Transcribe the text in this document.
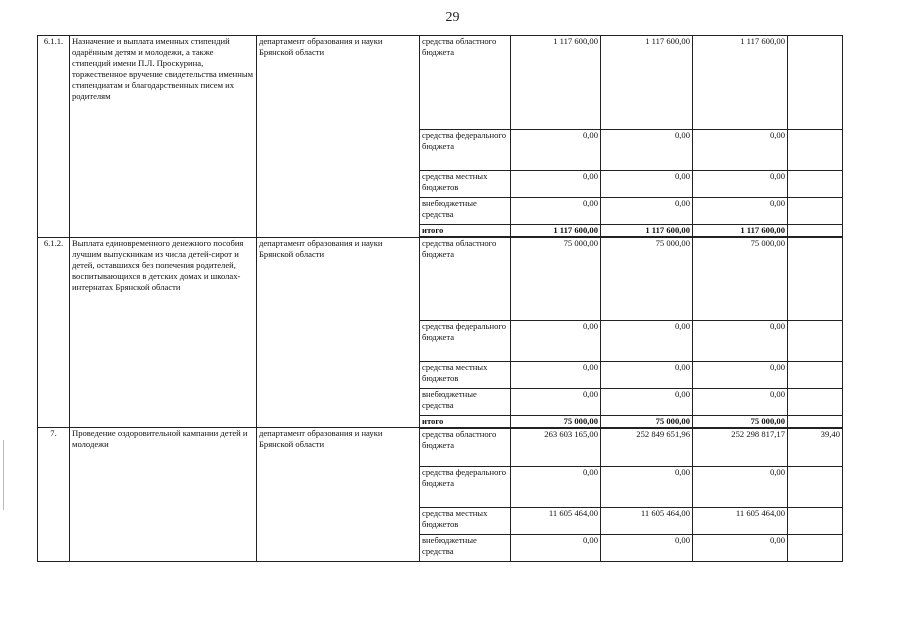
29
6.1.1.	Назначение и выплата именных стипендий одарённым детям и молодежи, а также стипендий имени П.Л. Проскурина, торжественное вручение свидетельства именным стипендиатам и благодарственных писем их родителям	департамент образования и науки Брянской области	средства областного бюджета	1 117 600,00	1 117 600,00	1 117 600,00	
			средства федерального бюджета	0,00	0,00	0,00	
			средства местных бюджетов	0,00	0,00	0,00	
			внебюджетные средства	0,00	0,00	0,00	
			итого	1 117 600,00	1 117 600,00	1 117 600,00	
6.1.2.	Выплата единовременного денежного пособия лучшим выпускникам из числа детей-сирот и детей, оставшихся без попечения родителей, воспитывающихся в детских домах и школах-интернатах Брянской области	департамент образования и науки Брянской области	средства областного бюджета	75 000,00	75 000,00	75 000,00	
			средства федерального бюджета	0,00	0,00	0,00	
			средства местных бюджетов	0,00	0,00	0,00	
			внебюджетные средства	0,00	0,00	0,00	
			итого	75 000,00	75 000,00	75 000,00	
7.	Проведение оздоровительной кампании детей и молодежи	департамент образования и науки Брянской области	средства областного бюджета	263 603 165,00	252 849 651,96	252 298 817,17	39,40
			средства федерального бюджета	0,00	0,00	0,00	
			средства местных бюджетов	11 605 464,00	11 605 464,00	11 605 464,00	
			внебюджетные средства	0,00	0,00	0,00	
